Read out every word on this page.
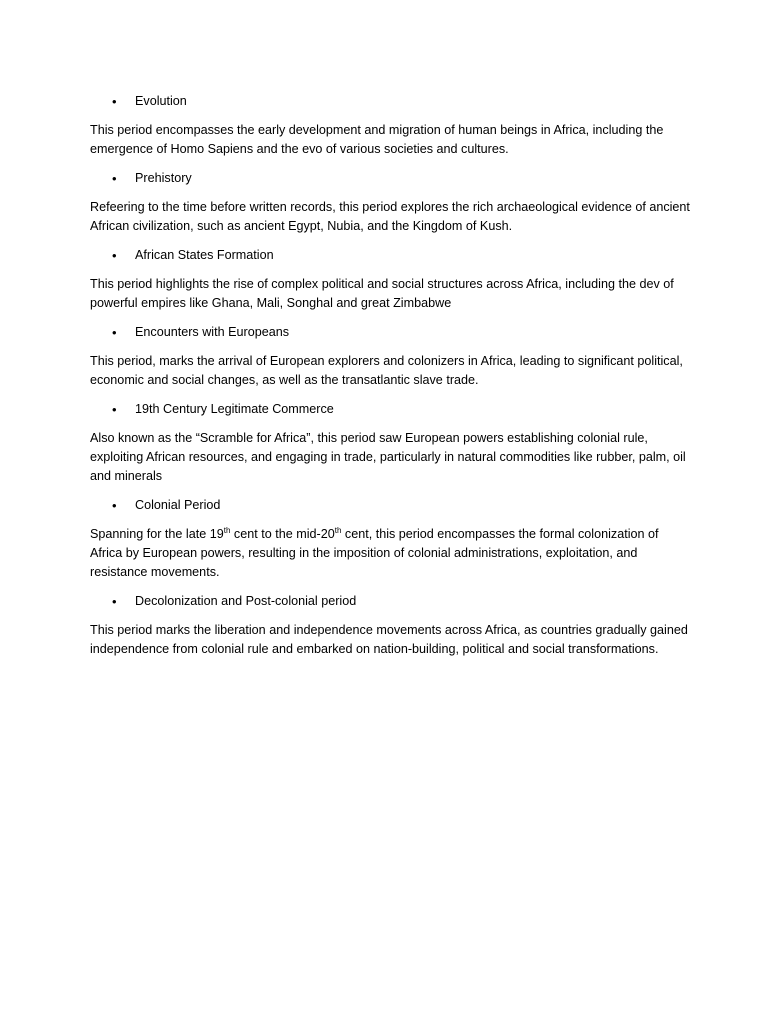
• Evolution

This period encompasses the early development and migration of human beings in Africa, including the emergence of Homo Sapiens and the evo of various societies and cultures.

• Prehistory

Refeering to the time before written records, this period explores the rich archaeological evidence of ancient African civilization, such as ancient Egypt, Nubia, and the Kingdom of Kush.

• African States Formation

This period highlights the rise of complex political and social structures across Africa, including the dev of powerful empires like Ghana, Mali, Songhal and great Zimbabwe

• Encounters with Europeans

This period, marks the arrival of European explorers and colonizers in Africa, leading to significant political, economic and social changes, as well as the transatlantic slave trade.

• 19th Century Legitimate Commerce

Also known as the “Scramble for Africa”, this period saw European powers establishing colonial rule, exploiting African resources, and engaging in trade, particularly in natural commodities like rubber, palm, oil and minerals

• Colonial Period

Spanning for the late 19th cent to the mid-20th cent, this period encompasses the formal colonization of Africa by European powers, resulting in the imposition of colonial administrations, exploitation, and resistance movements.

• Decolonization and Post-colonial period

This period marks the liberation and independence movements across Africa, as countries gradually gained independence from colonial rule and embarked on nation-building, political and social transformations.
